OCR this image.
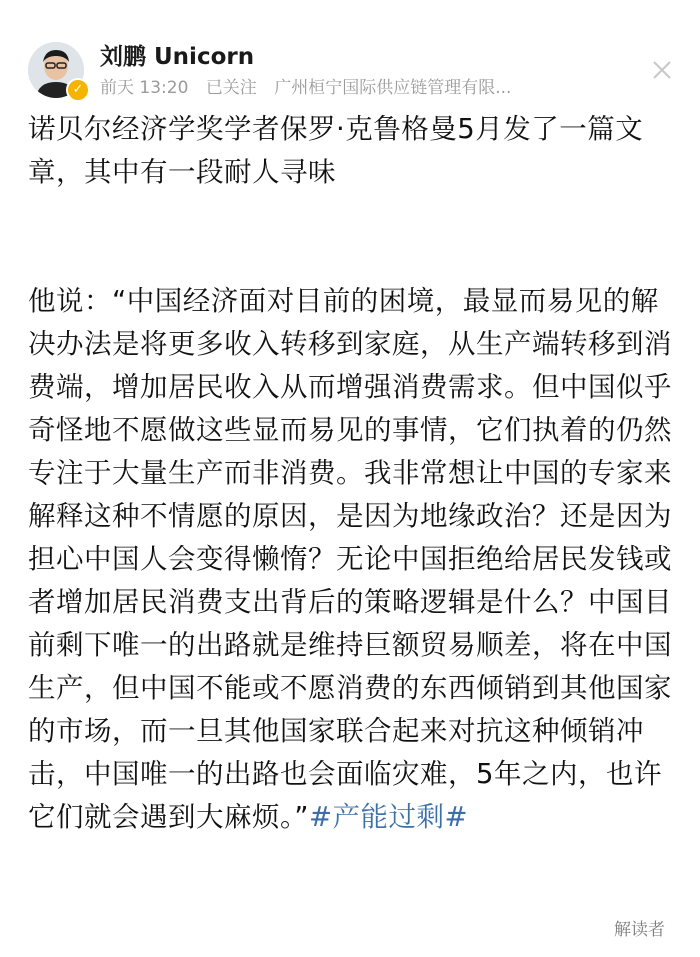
✓
刘鹏 Unicorn
前天 13:20 已关注 广州桓宁国际供应链管理有限...

诺贝尔经济学奖学者保罗·克鲁格曼5月发了一篇文章，其中有一段耐人寻味

他说：“中国经济面对目前的困境，最显而易见的解决办法是将更多收入转移到家庭，从生产端转移到消费端，增加居民收入从而增强消费需求。但中国似乎奇怪地不愿做这些显而易见的事情，它们执着的仍然专注于大量生产而非消费。我非常想让中国的专家来解释这种不情愿的原因，是因为地缘政治？还是因为担心中国人会变得懒惰？无论中国拒绝给居民发钱或者增加居民消费支出背后的策略逻辑是什么？中国目前剩下唯一的出路就是维持巨额贸易顺差，将在中国生产，但中国不能或不愿消费的东西倾销到其他国家的市场，而一旦其他国家联合起来对抗这种倾销冲击，中国唯一的出路也会面临灾难，5年之内，也许它们就会遇到大麻烦。”#产能过剩#

解读者
